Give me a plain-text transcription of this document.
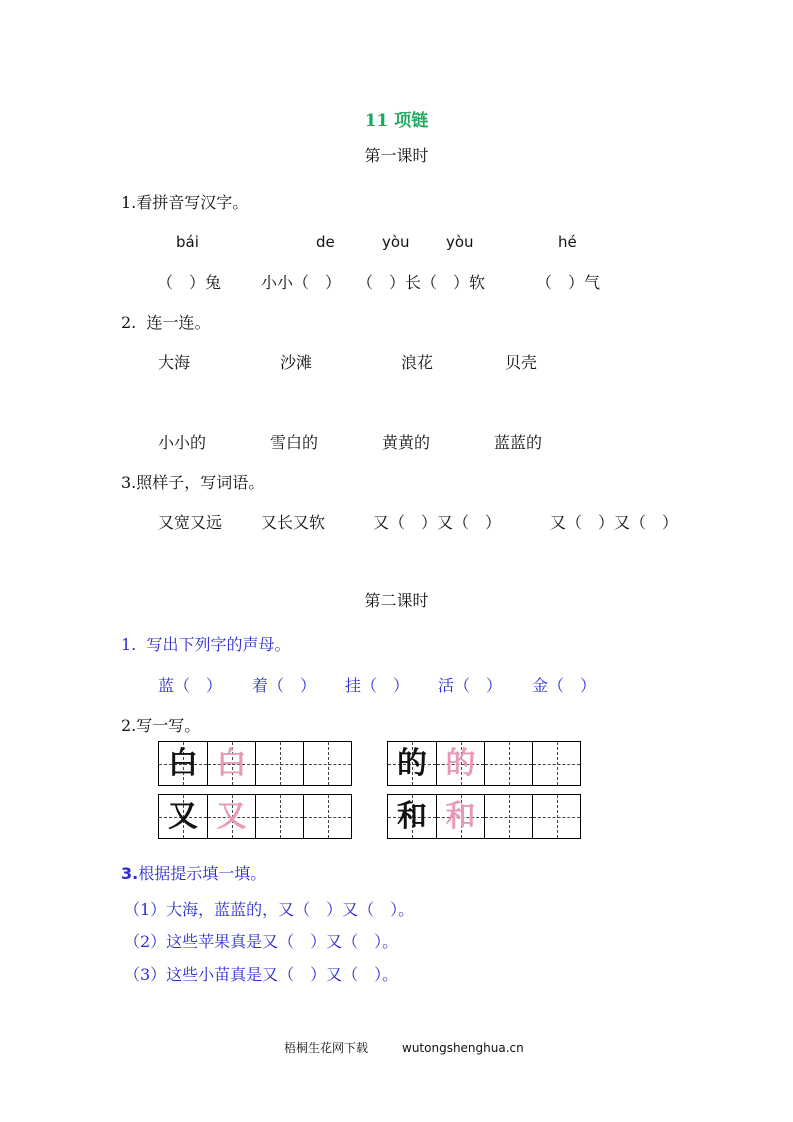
11 项链
第一课时
1.看拼音写汉字。
bái	de	yòu yòu	hé
（　）兔 小小（　） （　）长（　）软	（　）气
2.  连一连。
大海	沙滩	浪花	贝壳
小小的	雪白的	黄黄的	蓝蓝的
3.照样子，写词语。
又宽又远 又长又软	又（　）又（　）	又（　）又（　）
第二课时
1.  写出下列字的声母。
蓝（　） 着（　） 挂（　） 活（　） 金（　）
2.写一写。
白 白	的 的
又 又	和 和
3.根据提示填一填。
（1）大海，蓝蓝的，又（　）又（　）。
（2）这些苹果真是又（　）又（　）。
（3）这些小苗真是又（　）又（　）。
梧桐生花网下载	wutongshenghua.cn
